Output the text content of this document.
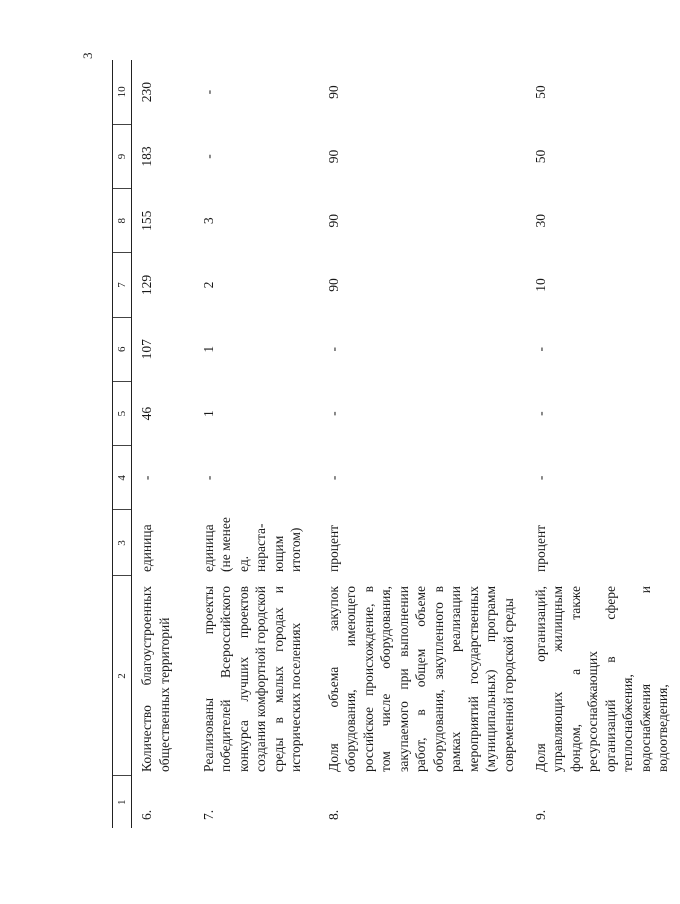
3
1	2	3	4	5	6	7	8	9	10
6.	Количество благоустроенных общественных территорий	единица	-	46	107	129	155	183	230
7.	Реализованы проекты победителей Всероссийского конкурса лучших проектов создания комфортной городской среды в малых городах и исторических поселениях	единица (не менее ед. нараста-ющим итогом)	-	1	1	2	3	-	-
8.	Доля объема закупок оборудования, имеющего российское происхождение, в том числе оборудования, закупаемого при выполнении работ, в общем объеме оборудования, закупленного в рамках реализации мероприятий государственных (муниципальных) программ современной городской среды	процент	-	-	-	90	90	90	90
9.	Доля организаций, управляющих жилищным фондом, а также ресурсоснабжающих организаций в сфере теплоснабжения, водоснабжения и водоотведения,	процент	-	-	-	10	30	50	50
